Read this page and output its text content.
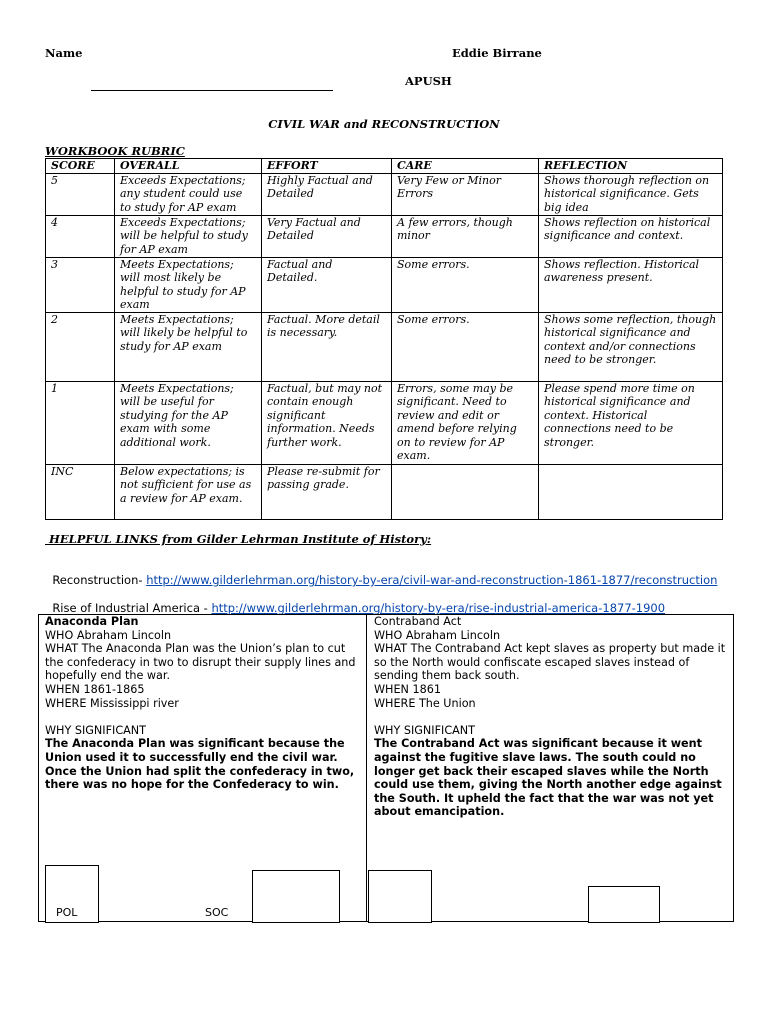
Name	Eddie Birrane
APUSH
CIVIL WAR and RECONSTRUCTION
WORKBOOK RUBRIC
SCORE	OVERALL	EFFORT	CARE	REFLECTION
5	Exceeds Expectations; any student could use to study for AP exam	Highly Factual and Detailed	Very Few or Minor Errors	Shows thorough reflection on historical significance. Gets big idea
4	Exceeds Expectations; will be helpful to study for AP exam	Very Factual and Detailed	A few errors, though minor	Shows reflection on historical significance and context.
3	Meets Expectations; will most likely be helpful to study for AP exam	Factual and Detailed.	Some errors.	Shows reflection. Historical awareness present.
2	Meets Expectations; will likely be helpful to study for AP exam	Factual. More detail is necessary.	Some errors.	Shows some reflection, though historical significance and context and/or connections need to be stronger.
1	Meets Expectations; will be useful for studying for the AP exam with some additional work.	Factual, but may not contain enough significant information. Needs further work.	Errors, some may be significant. Need to review and edit or amend before relying on to review for AP exam.	Please spend more time on historical significance and context. Historical connections need to be stronger.
INC	Below expectations; is not sufficient for use as a review for AP exam.	Please re-submit for passing grade.		
HELPFUL LINKS from Gilder Lehrman Institute of History:

Reconstruction- http://www.gilderlehrman.org/history-by-era/civil-war-and-reconstruction-1861-1877/reconstruction

Rise of Industrial America - http://www.gilderlehrman.org/history-by-era/rise-industrial-america-1877-1900

Anaconda Plan
WHO Abraham Lincoln
WHAT The Anaconda Plan was the Union’s plan to cut the confederacy in two to disrupt their supply lines and hopefully end the war.
WHEN 1861-1865
WHERE Mississippi river
WHY SIGNIFICANT
The Anaconda Plan was significant because the Union used it to successfully end the civil war. Once the Union had split the confederacy in two, there was no hope for the Confederacy to win.
POL	SOC
Contraband Act
WHO Abraham Lincoln
WHAT The Contraband Act kept slaves as property but made it so the North would confiscate escaped slaves instead of sending them back south.
WHEN 1861
WHERE The Union
WHY SIGNIFICANT
The Contraband Act was significant because it went against the fugitive slave laws. The south could no longer get back their escaped slaves while the North could use them, giving the North another edge against the South. It upheld the fact that the war was not yet about emancipation.
